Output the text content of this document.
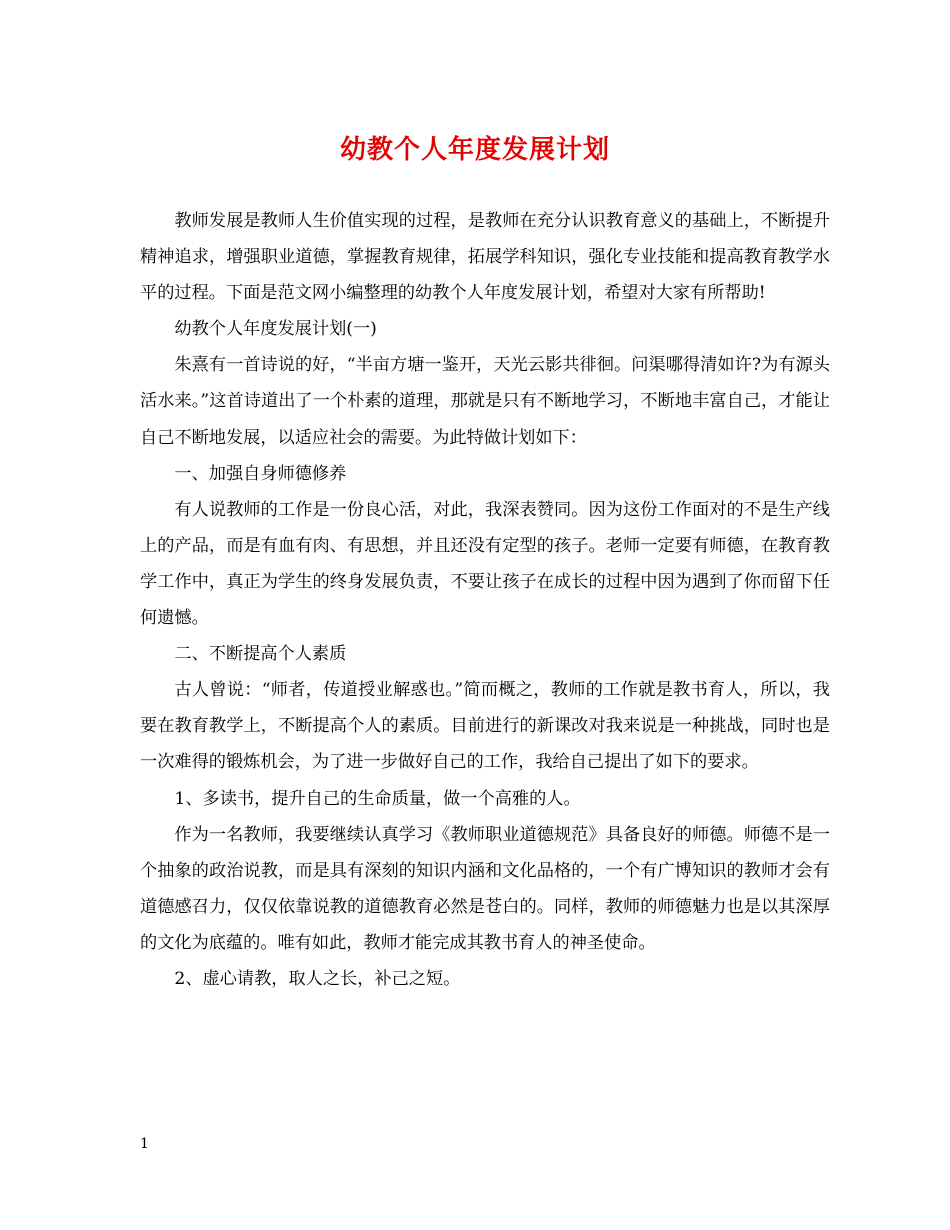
幼教个人年度发展计划

教师发展是教师人生价值实现的过程，是教师在充分认识教育意义的基础上，不断提升精神追求，增强职业道德，掌握教育规律，拓展学科知识，强化专业技能和提高教育教学水平的过程。下面是范文网小编整理的幼教个人年度发展计划，希望对大家有所帮助!

幼教个人年度发展计划(一)

朱熹有一首诗说的好，“半亩方塘一鉴开，天光云影共徘徊。问渠哪得清如许?为有源头活水来。”这首诗道出了一个朴素的道理，那就是只有不断地学习，不断地丰富自己，才能让自己不断地发展，以适应社会的需要。为此特做计划如下：

一、加强自身师德修养

有人说教师的工作是一份良心活，对此，我深表赞同。因为这份工作面对的不是生产线上的产品，而是有血有肉、有思想，并且还没有定型的孩子。老师一定要有师德，在教育教学工作中，真正为学生的终身发展负责，不要让孩子在成长的过程中因为遇到了你而留下任何遗憾。

二、不断提高个人素质

古人曾说：“师者，传道授业解惑也。”简而概之，教师的工作就是教书育人，所以，我要在教育教学上，不断提高个人的素质。目前进行的新课改对我来说是一种挑战，同时也是一次难得的锻炼机会，为了进一步做好自己的工作，我给自己提出了如下的要求。

1、多读书，提升自己的生命质量，做一个高雅的人。

作为一名教师，我要继续认真学习《教师职业道德规范》具备良好的师德。师德不是一个抽象的政治说教，而是具有深刻的知识内涵和文化品格的，一个有广博知识的教师才会有道德感召力，仅仅依靠说教的道德教育必然是苍白的。同样，教师的师德魅力也是以其深厚的文化为底蕴的。唯有如此，教师才能完成其教书育人的神圣使命。

2、虚心请教，取人之长，补己之短。

1
